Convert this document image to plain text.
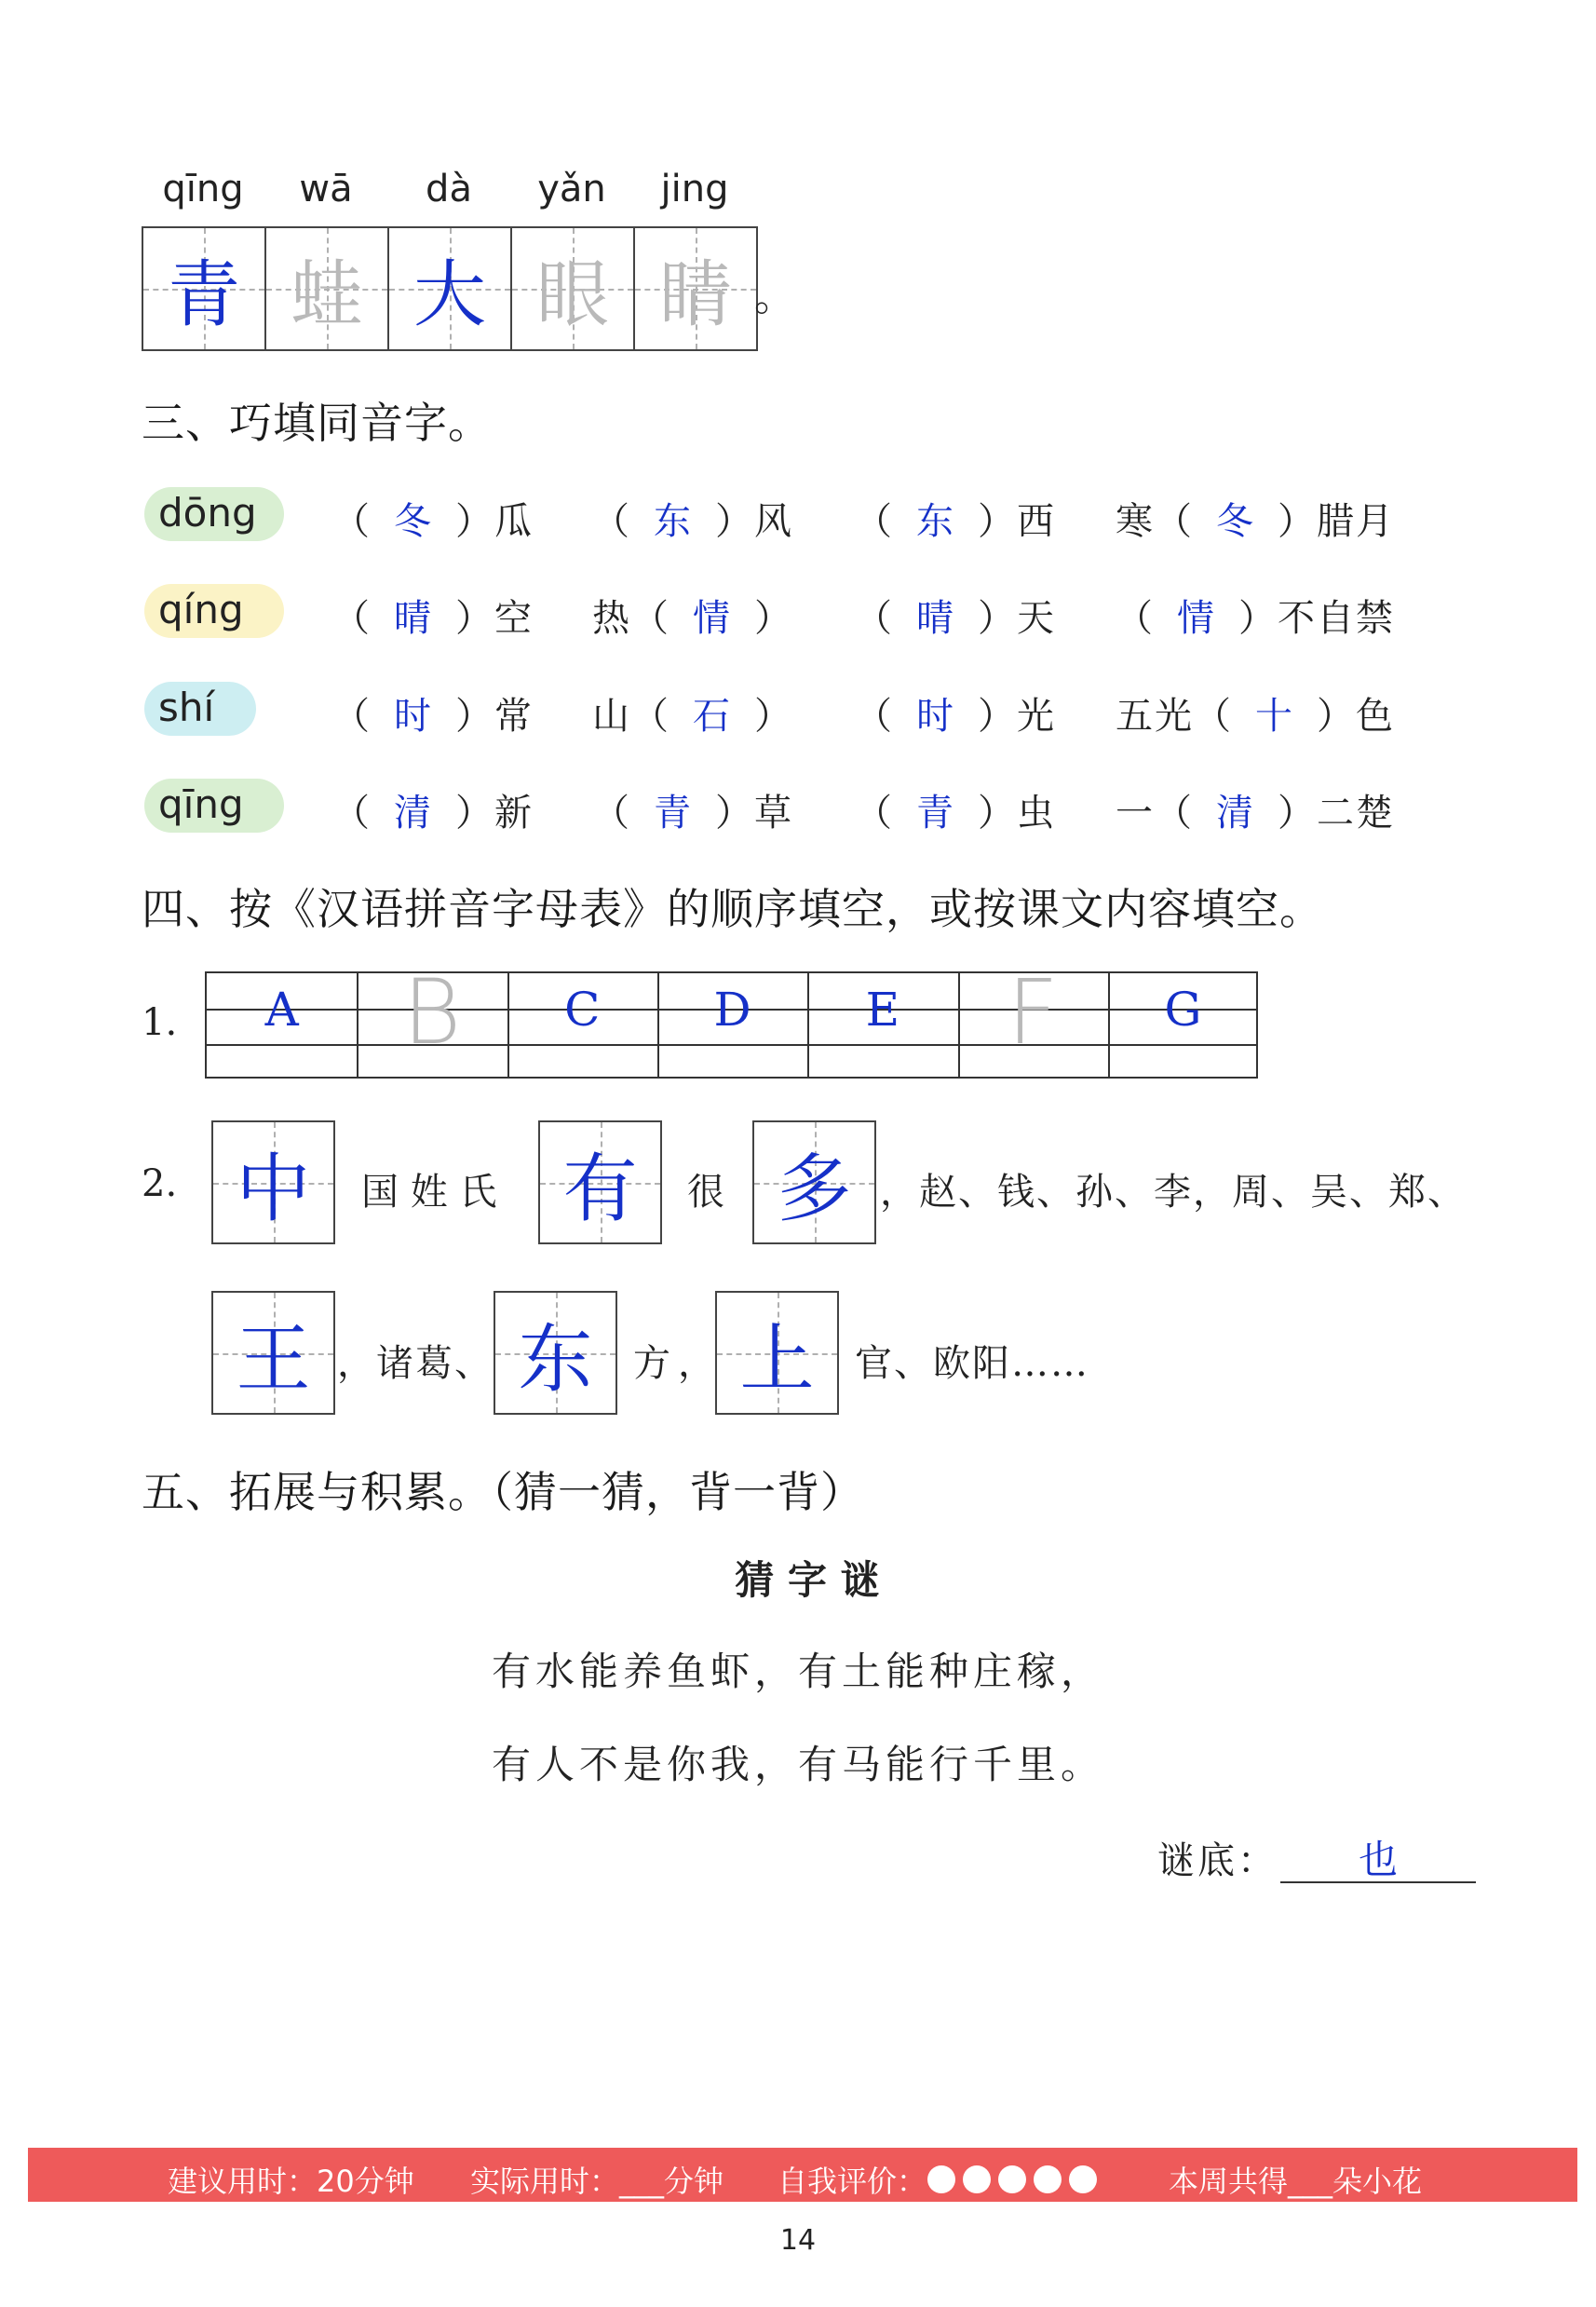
qīng	wā	dà	yǎn	jing
青 蛙 大 眼 睛 。
三、巧填同音字。
dōng （ 冬 ）瓜 （ 东 ）风 （ 东 ）西 寒（ 冬 ）腊月
qíng （ 晴 ）空 热（ 情 ） （ 晴 ）天 （ 情 ）不自禁
shí	（ 时 ）常 山（ 石 ） （ 时 ）光 五光（ 十 ）色
qīng （ 清 ）新 （ 青 ）草 （ 青 ）虫 一（ 清 ）二楚
四、按《汉语拼音字母表》的顺序填空，或按课文内容填空。
1.	A	B	C	D	E	F	G
2. 中	国 姓 氏 有	很 多 ，赵、钱、孙、李，周、吴、郑、
王 ，诸葛、 东	方， 上	官、欧阳……
五、拓展与积累。（猜一猜，背一背）
猜 字 谜
有水能养鱼虾，有土能种庄稼，
有人不是你我，有马能行千里。
谜底：	也
建议用时：20分钟 实际用时：___分钟 自我评价：	本周共得___朵小花
14
